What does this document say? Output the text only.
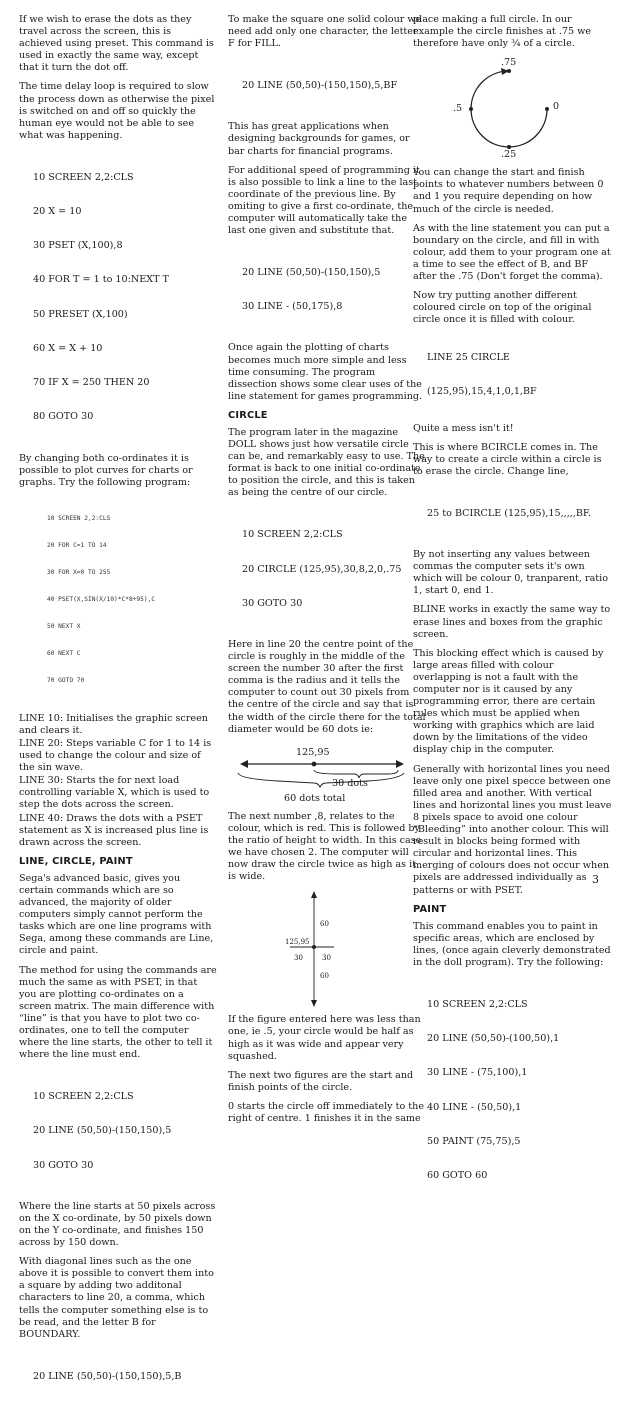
If we wish to erase the dots as they travel across the screen, this is achieved using preset. This command is used in exactly the same way, except that it turn the dot off.

The time delay loop is required to slow the process down as otherwise the pixel is switched on and off so quickly the human eye would not be able to see what was happening.

10 SCREEN 2,2:CLS

20 X = 10

30 PSET (X,100),8

40 FOR T = 1 to 10:NEXT T

50 PRESET (X,100)

60 X = X + 10

70 IF X = 250 THEN 20

80 GOTO 30

By changing both co-ordinates it is possible to plot curves for charts or graphs. Try the following program:

10 SCREEN 2,2:CLS

20 FOR C=1 TO 14

30 FOR X=0 TO 255

40 PSET(X,SIN(X/10)*C*8+95),C

50 NEXT X

60 NEXT C

70 GOTO 70

LINE 10: Initialises the graphic screen and clears it.

LINE 20: Steps variable C for 1 to 14 is used to change the colour and size of the sin wave.

LINE 30: Starts the for next load controlling variable X, which is used to step the dots across the screen.

LINE 40: Draws the dots with a PSET statement as X is increased plus line is drawn across the screen.

LINE, CIRCLE, PAINT

Sega's advanced basic, gives you certain commands which are so advanced, the majority of older computers simply cannot perform the tasks which are one line programs with Sega, among these commands are Line, circle and paint.

The method for using the commands are much the same as with PSET, in that you are plotting co-ordinates on a screen matrix. The main difference with “line” is that you have to plot two co-ordinates, one to tell the computer where the line starts, the other to tell it where the line must end.

10 SCREEN 2,2:CLS

20 LINE (50,50)-(150,150),5

30 GOTO 30

Where the line starts at 50 pixels across on the X co-ordinate, by 50 pixels down on the Y co-ordinate, and finishes 150 across by 150 down.

With diagonal lines such as the one above it is possible to convert them into a square by adding two additonal characters to line 20, a comma, which tells the computer something else is to be read, and the letter B for BOUNDARY.

20 LINE (50,50)-(150,150),5,B

To make the square one solid colour we need add only one character, the letter F for FILL.

20 LINE (50,50)-(150,150),5,BF

This has great applications when designing backgrounds for games, or bar charts for financial programs.

For additional speed of programming it is also possible to link a line to the last coordinate of the previous line. By omiting to give a first co-ordinate, the computer will automatically take the last one given and substitute that.

20 LINE (50,50)-(150,150),5

30 LINE - (50,175),8

Once again the plotting of charts becomes much more simple and less time consuming. The program dissection shows some clear uses of the line statement for games programming.

CIRCLE

The program later in the magazine DOLL shows just how versatile circle can be, and remarkably easy to use. The format is back to one initial co-ordinate to position the circle, and this is taken as being the centre of our circle.

10 SCREEN 2,2:CLS

20 CIRCLE (125,95),30,8,2,0,.75

30 GOTO 30

Here in line 20 the centre point of the circle is roughly in the middle of the screen the number 30 after the first comma is the radius and it tells the computer to count out 30 pixels from the centre of the circle and say that is the width of the circle there for the total diameter would be 60 dots ie:

125,95
30 dots
60 dots total

The next number ,8, relates to the colour, which is red. This is followed by the ratio of height to width. In this case we have chosen 2. The computer will now draw the circle twice as high as it is wide.

125,95
60
60
30	30

If the figure entered here was less than one, ie .5, your circle would be half as high as it was wide and appear very squashed.

The next two figures are the start and finish points of the circle.

0 starts the circle off immediately to the right of centre. 1 finishes it in the same

place making a full circle. In our example the circle finishes at .75 we therefore have only ¾ of a circle.

.75
.5	0
.25

You can change the start and finish points to whatever numbers between 0 and 1 you require depending on how much of the circle is needed.

As with the line statement you can put a boundary on the circle, and fill in with colour, add them to your program one at a time to see the effect of B, and BF after the .75 (Don't forget the comma).

Now try putting another different coloured circle on top of the original circle once it is filled with colour.

LINE 25 CIRCLE

(125,95),15,4,1,0,1,BF

Quite a mess isn't it!

This is where BCIRCLE comes in. The way to create a circle within a circle is to erase the circle. Change line,

25 to BCIRCLE (125,95),15,,,,,BF.

By not inserting any values between commas the computer sets it's own which will be colour 0, tranparent, ratio 1, start 0, end 1.

BLINE works in exactly the same way to erase lines and boxes from the graphic screen.

This blocking effect which is caused by large areas filled with colour overlapping is not a fault with the computer nor is it caused by any programming error, there are certain rules which must be applied when working with graphics which are laid down by the limitations of the video display chip in the computer.

Generally with horizontal lines you need leave only one pixel specce between one filled area and another. With vertical lines and horizontal lines you must leave 8 pixels space to avoid one colour “Bleeding” into another colour. This will result in blocks being formed with circular and horizontal lines. This merging of colours does not occur when pixels are addressed individually as patterns or with PSET.

PAINT

This command enables you to paint in specific areas, which are enclosed by lines, (once again cleverly demonstrated in the doll program). Try the following:

10 SCREEN 2,2:CLS

20 LINE (50,50)-(100,50),1

30 LINE - (75,100),1

40 LINE - (50,50),1

50 PAINT (75,75),5

60 GOTO 60

3
